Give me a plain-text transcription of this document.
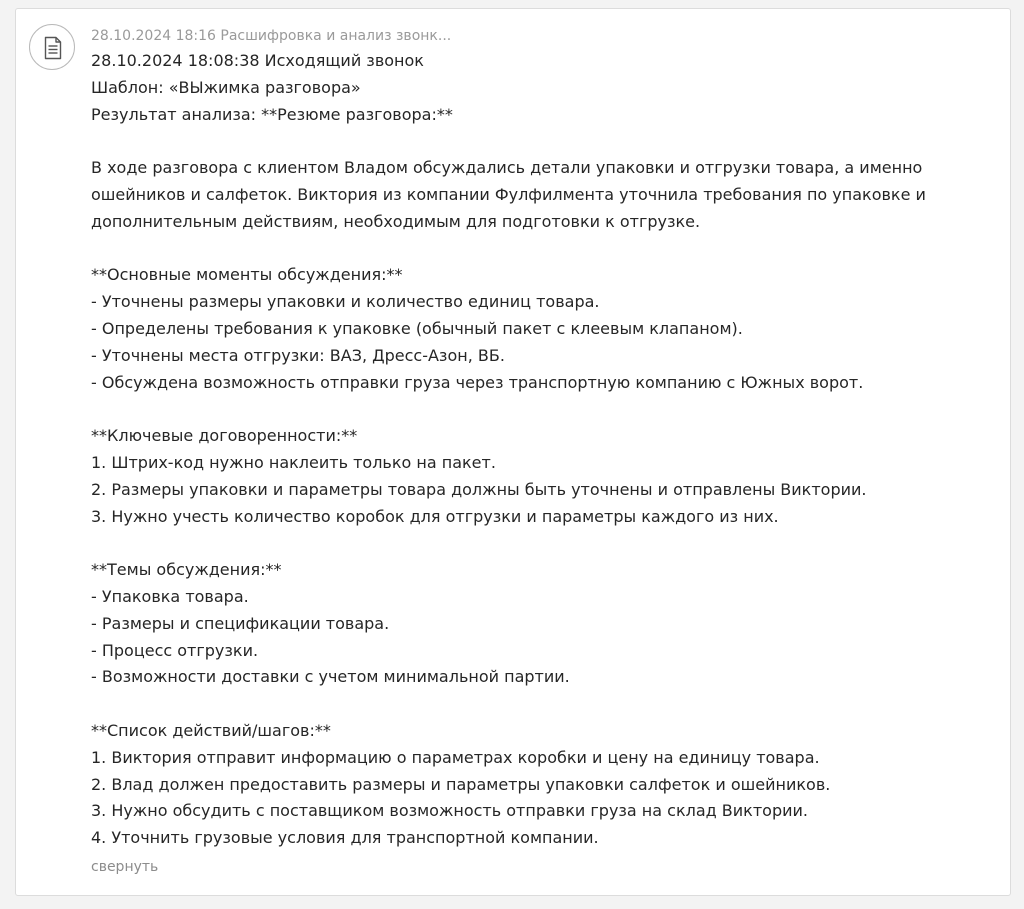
28.10.2024 18:16 Расшифровка и анализ звонк...
28.10.2024 18:08:38 Исходящий звонок
Шаблон: «ВЫжимка разговора»
Результат анализа: **Резюме разговора:**
В ходе разговора с клиентом Владом обсуждались детали упаковки и отгрузки товара, а именно
ошейников и салфеток. Виктория из компании Фулфилмента уточнила требования по упаковке и
дополнительным действиям, необходимым для подготовки к отгрузке.
**Основные моменты обсуждения:**
- Уточнены размеры упаковки и количество единиц товара.
- Определены требования к упаковке (обычный пакет с клеевым клапаном).
- Уточнены места отгрузки: ВАЗ, Дресс-Азон, ВБ.
- Обсуждена возможность отправки груза через транспортную компанию с Южных ворот.
**Ключевые договоренности:**
1. Штрих-код нужно наклеить только на пакет.
2. Размеры упаковки и параметры товара должны быть уточнены и отправлены Виктории.
3. Нужно учесть количество коробок для отгрузки и параметры каждого из них.
**Темы обсуждения:**
- Упаковка товара.
- Размеры и спецификации товара.
- Процесс отгрузки.
- Возможности доставки с учетом минимальной партии.
**Список действий/шагов:**
1. Виктория отправит информацию о параметрах коробки и цену на единицу товара.
2. Влад должен предоставить размеры и параметры упаковки салфеток и ошейников.
3. Нужно обсудить с поставщиком возможность отправки груза на склад Виктории.
4. Уточнить грузовые условия для транспортной компании.
свернуть
